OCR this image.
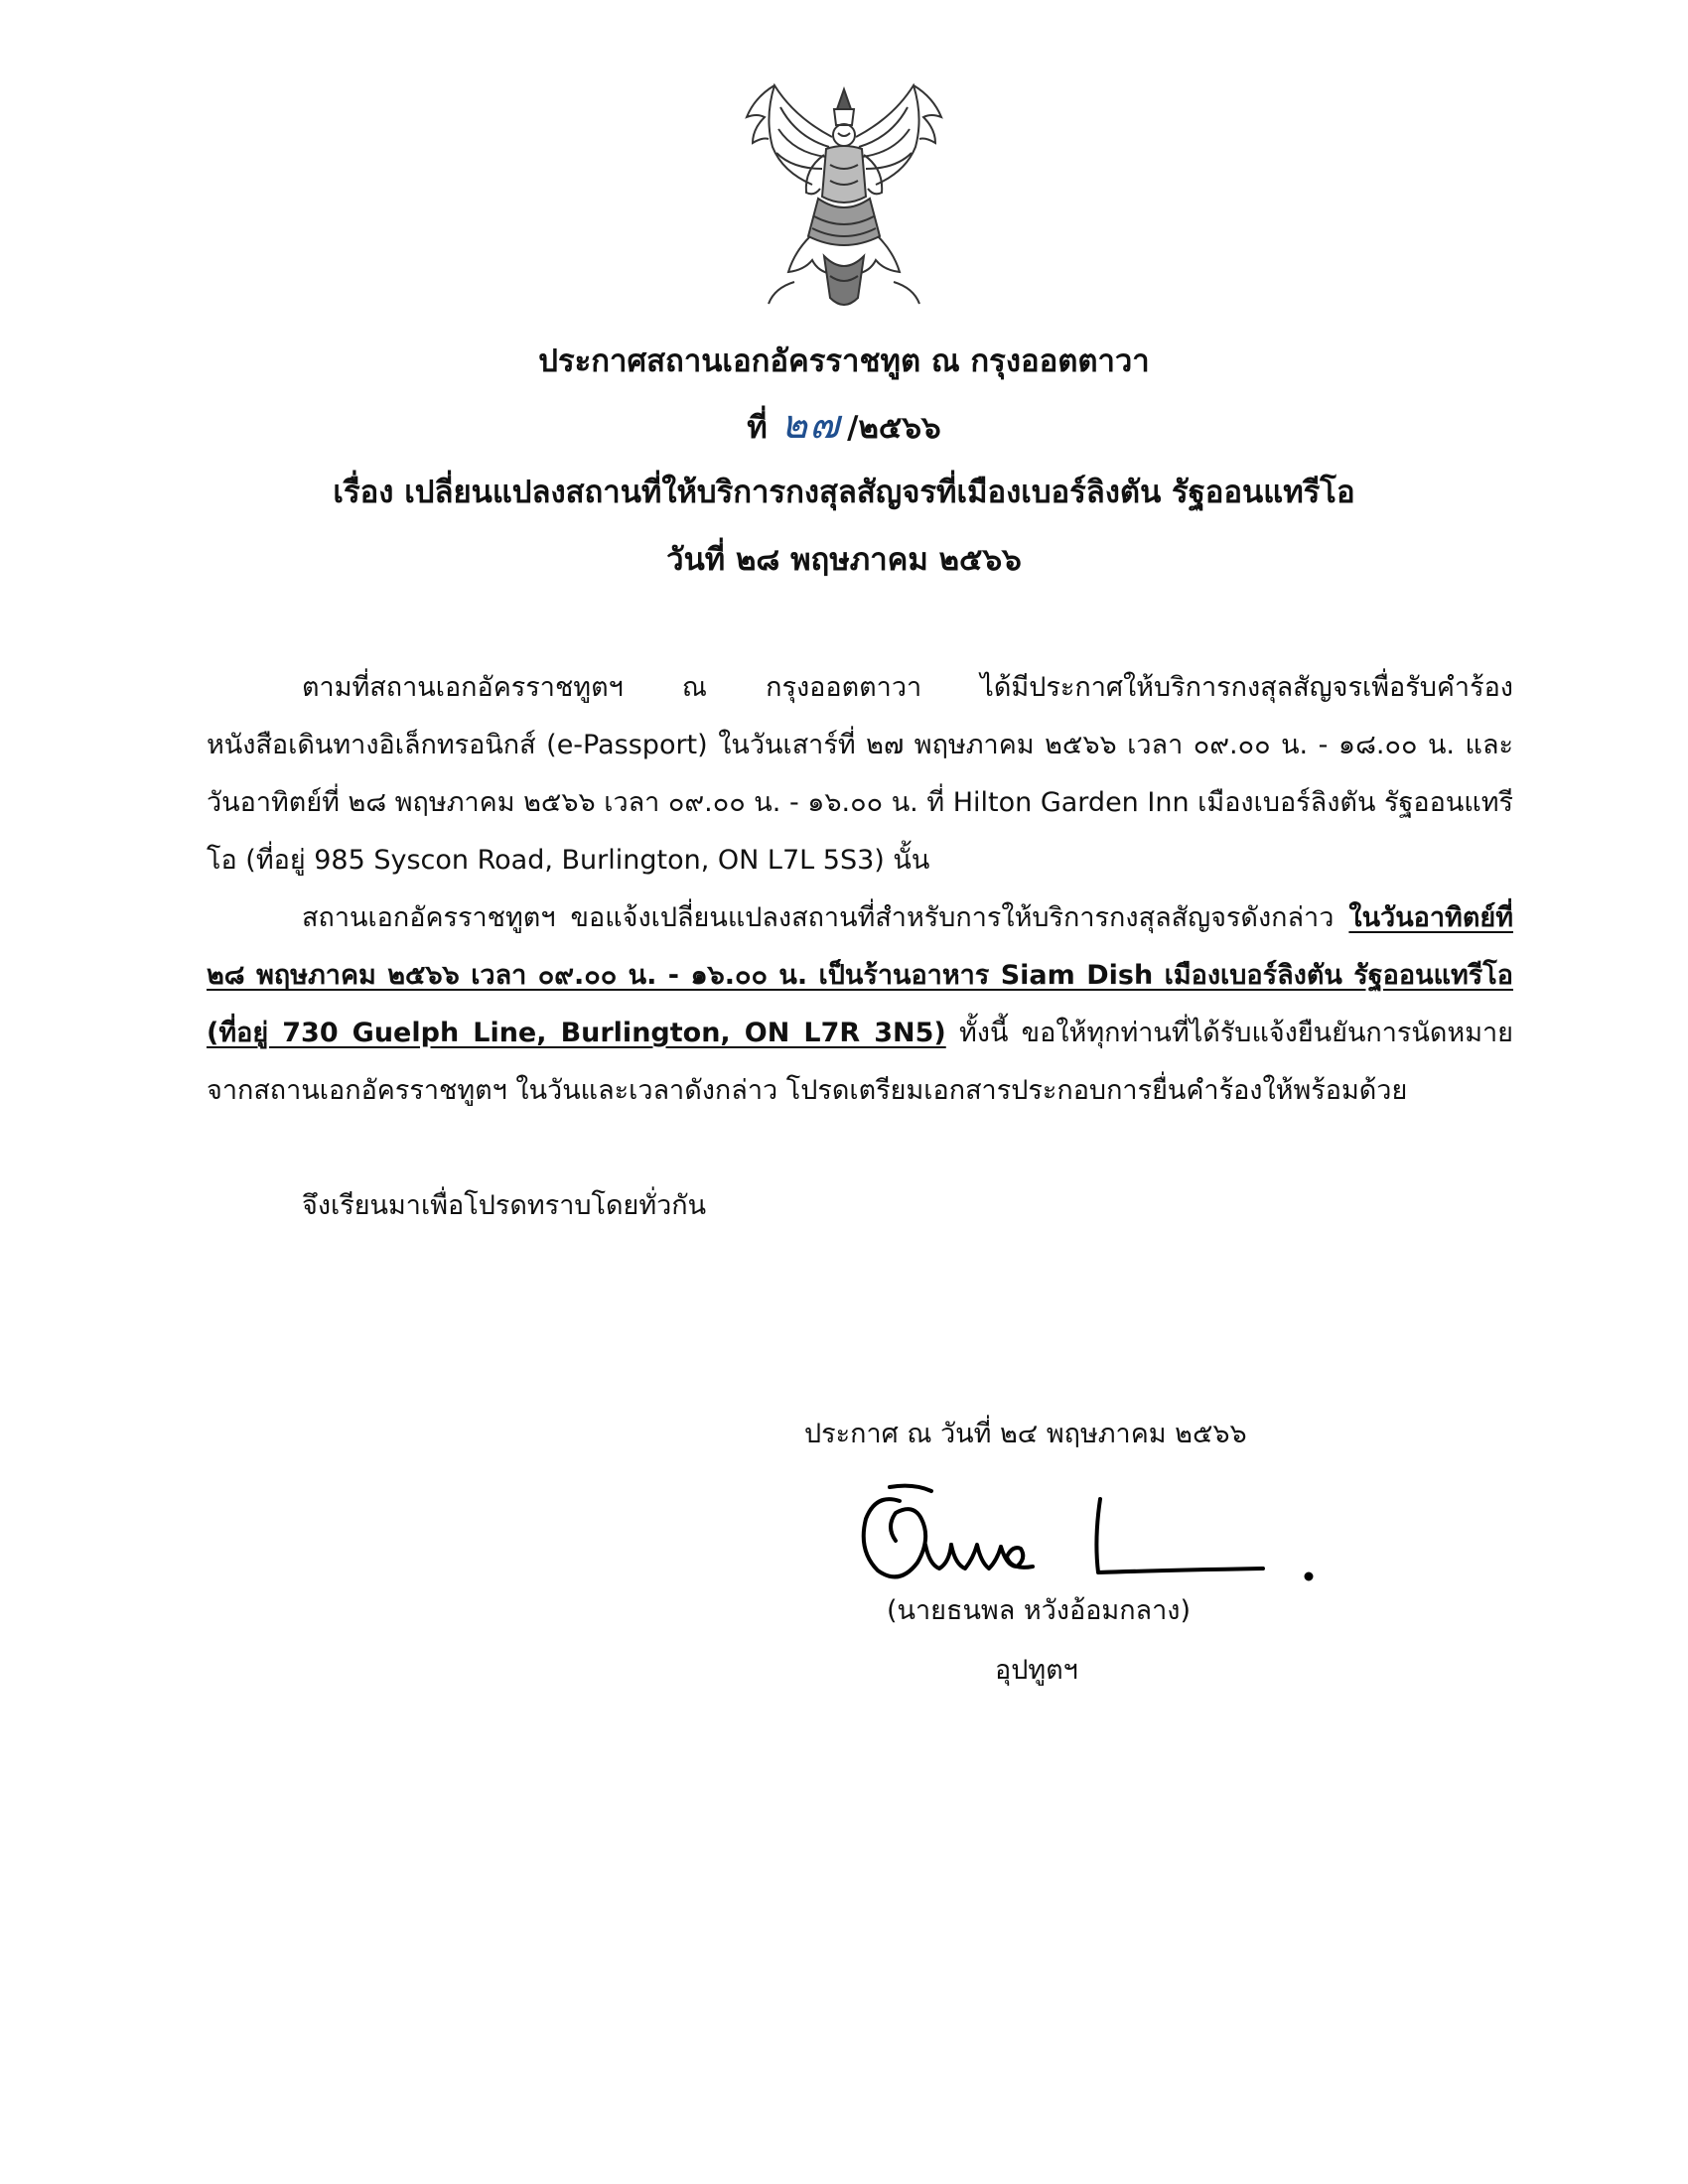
ประกาศสถานเอกอัครราชทูต ณ กรุงออตตาวา
ที่ ๒๗ /๒๕๖๖
เรื่อง เปลี่ยนแปลงสถานที่ให้บริการกงสุลสัญจรที่เมืองเบอร์ลิงตัน รัฐออนแทรีโอ
วันที่ ๒๘ พฤษภาคม ๒๕๖๖

ตามที่สถานเอกอัครราชทูตฯ ณ กรุงออตตาวา ได้มีประกาศให้บริการกงสุลสัญจรเพื่อรับคำร้องหนังสือเดินทางอิเล็กทรอนิกส์ (e-Passport) ในวันเสาร์ที่ ๒๗ พฤษภาคม ๒๕๖๖ เวลา ๐๙.๐๐ น. - ๑๘.๐๐ น. และวันอาทิตย์ที่ ๒๘ พฤษภาคม ๒๕๖๖ เวลา ๐๙.๐๐ น. - ๑๖.๐๐ น. ที่ Hilton Garden Inn เมืองเบอร์ลิงตัน รัฐออนแทรีโอ (ที่อยู่ 985 Syscon Road, Burlington, ON L7L 5S3) นั้น

สถานเอกอัครราชทูตฯ ขอแจ้งเปลี่ยนแปลงสถานที่สำหรับการให้บริการกงสุลสัญจรดังกล่าว ในวันอาทิตย์ที่ ๒๘ พฤษภาคม ๒๕๖๖ เวลา ๐๙.๐๐ น. - ๑๖.๐๐ น. เป็นร้านอาหาร Siam Dish เมืองเบอร์ลิงตัน รัฐออนแทรีโอ (ที่อยู่ 730 Guelph Line, Burlington, ON L7R 3N5) ทั้งนี้ ขอให้ทุกท่านที่ได้รับแจ้งยืนยันการนัดหมายจากสถานเอกอัครราชทูตฯ ในวันและเวลาดังกล่าว โปรดเตรียมเอกสารประกอบการยื่นคำร้องให้พร้อมด้วย

จึงเรียนมาเพื่อโปรดทราบโดยทั่วกัน

ประกาศ ณ วันที่ ๒๔ พฤษภาคม ๒๕๖๖
(นายธนพล หวังอ้อมกลาง)
อุปทูตฯ
